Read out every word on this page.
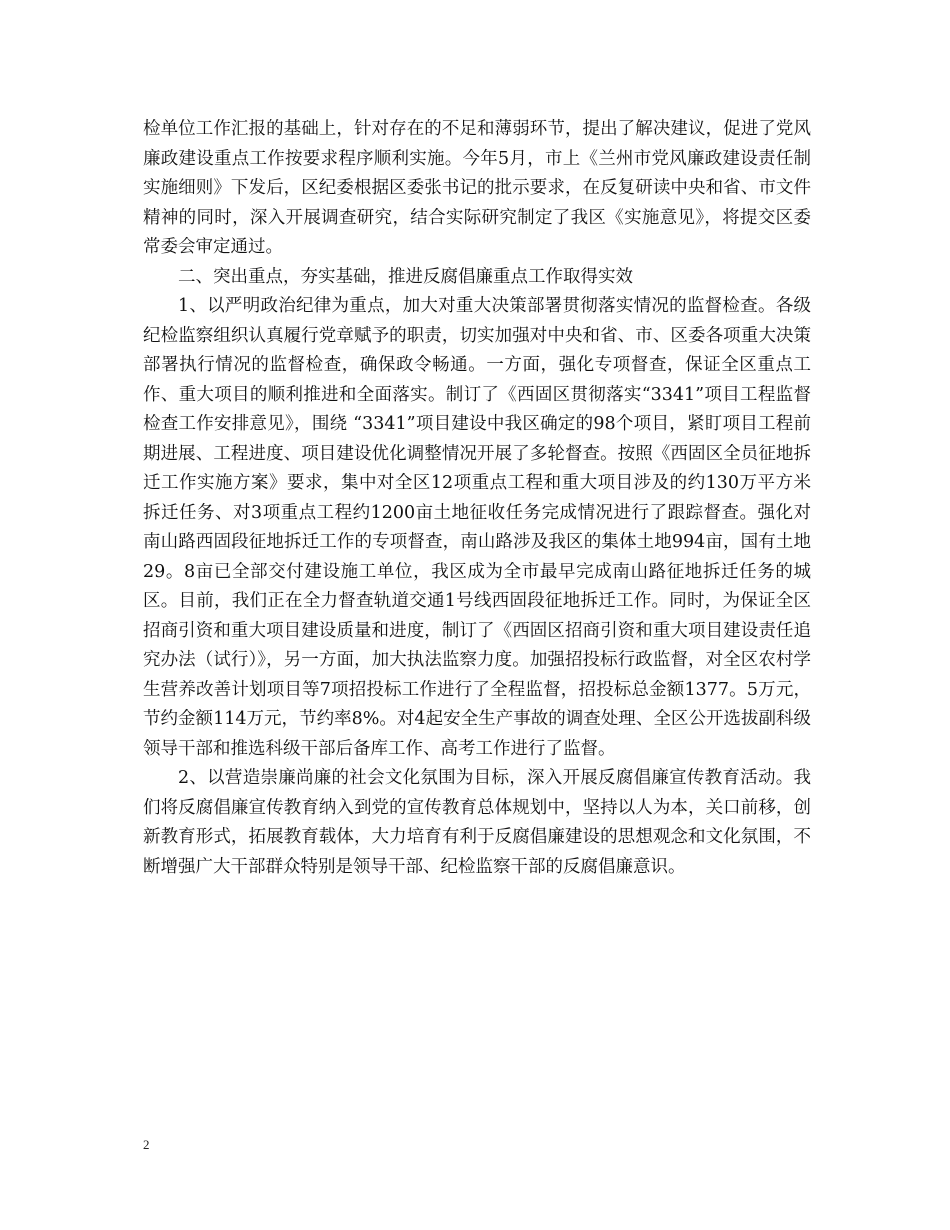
检单位工作汇报的基础上，针对存在的不足和薄弱环节，提出了解决建议，促进了党风廉政建设重点工作按要求程序顺利实施。今年5月，市上《兰州市党风廉政建设责任制实施细则》下发后，区纪委根据区委张书记的批示要求，在反复研读中央和省、市文件精神的同时，深入开展调查研究，结合实际研究制定了我区《实施意见》，将提交区委常委会审定通过。

二、突出重点，夯实基础，推进反腐倡廉重点工作取得实效

1、以严明政治纪律为重点，加大对重大决策部署贯彻落实情况的监督检查。各级纪检监察组织认真履行党章赋予的职责，切实加强对中央和省、市、区委各项重大决策部署执行情况的监督检查，确保政令畅通。一方面，强化专项督查，保证全区重点工作、重大项目的顺利推进和全面落实。制订了《西固区贯彻落实“3341”项目工程监督检查工作安排意见》，围绕 “3341”项目建设中我区确定的98个项目，紧盯项目工程前期进展、工程进度、项目建设优化调整情况开展了多轮督查。按照《西固区全员征地拆迁工作实施方案》要求，集中对全区12项重点工程和重大项目涉及的约130万平方米拆迁任务、对3项重点工程约1200亩土地征收任务完成情况进行了跟踪督查。强化对南山路西固段征地拆迁工作的专项督查，南山路涉及我区的集体土地994亩，国有土地29。8亩已全部交付建设施工单位，我区成为全市最早完成南山路征地拆迁任务的城区。目前，我们正在全力督查轨道交通1号线西固段征地拆迁工作。同时，为保证全区招商引资和重大项目建设质量和进度，制订了《西固区招商引资和重大项目建设责任追究办法（试行）》，另一方面，加大执法监察力度。加强招投标行政监督，对全区农村学生营养改善计划项目等7项招投标工作进行了全程监督，招投标总金额1377。5万元，节约金额114万元，节约率8%。对4起安全生产事故的调查处理、全区公开选拔副科级领导干部和推选科级干部后备库工作、高考工作进行了监督。

2、以营造崇廉尚廉的社会文化氛围为目标，深入开展反腐倡廉宣传教育活动。我们将反腐倡廉宣传教育纳入到党的宣传教育总体规划中，坚持以人为本，关口前移，创新教育形式，拓展教育载体，大力培育有利于反腐倡廉建设的思想观念和文化氛围，不断增强广大干部群众特别是领导干部、纪检监察干部的反腐倡廉意识。

2
